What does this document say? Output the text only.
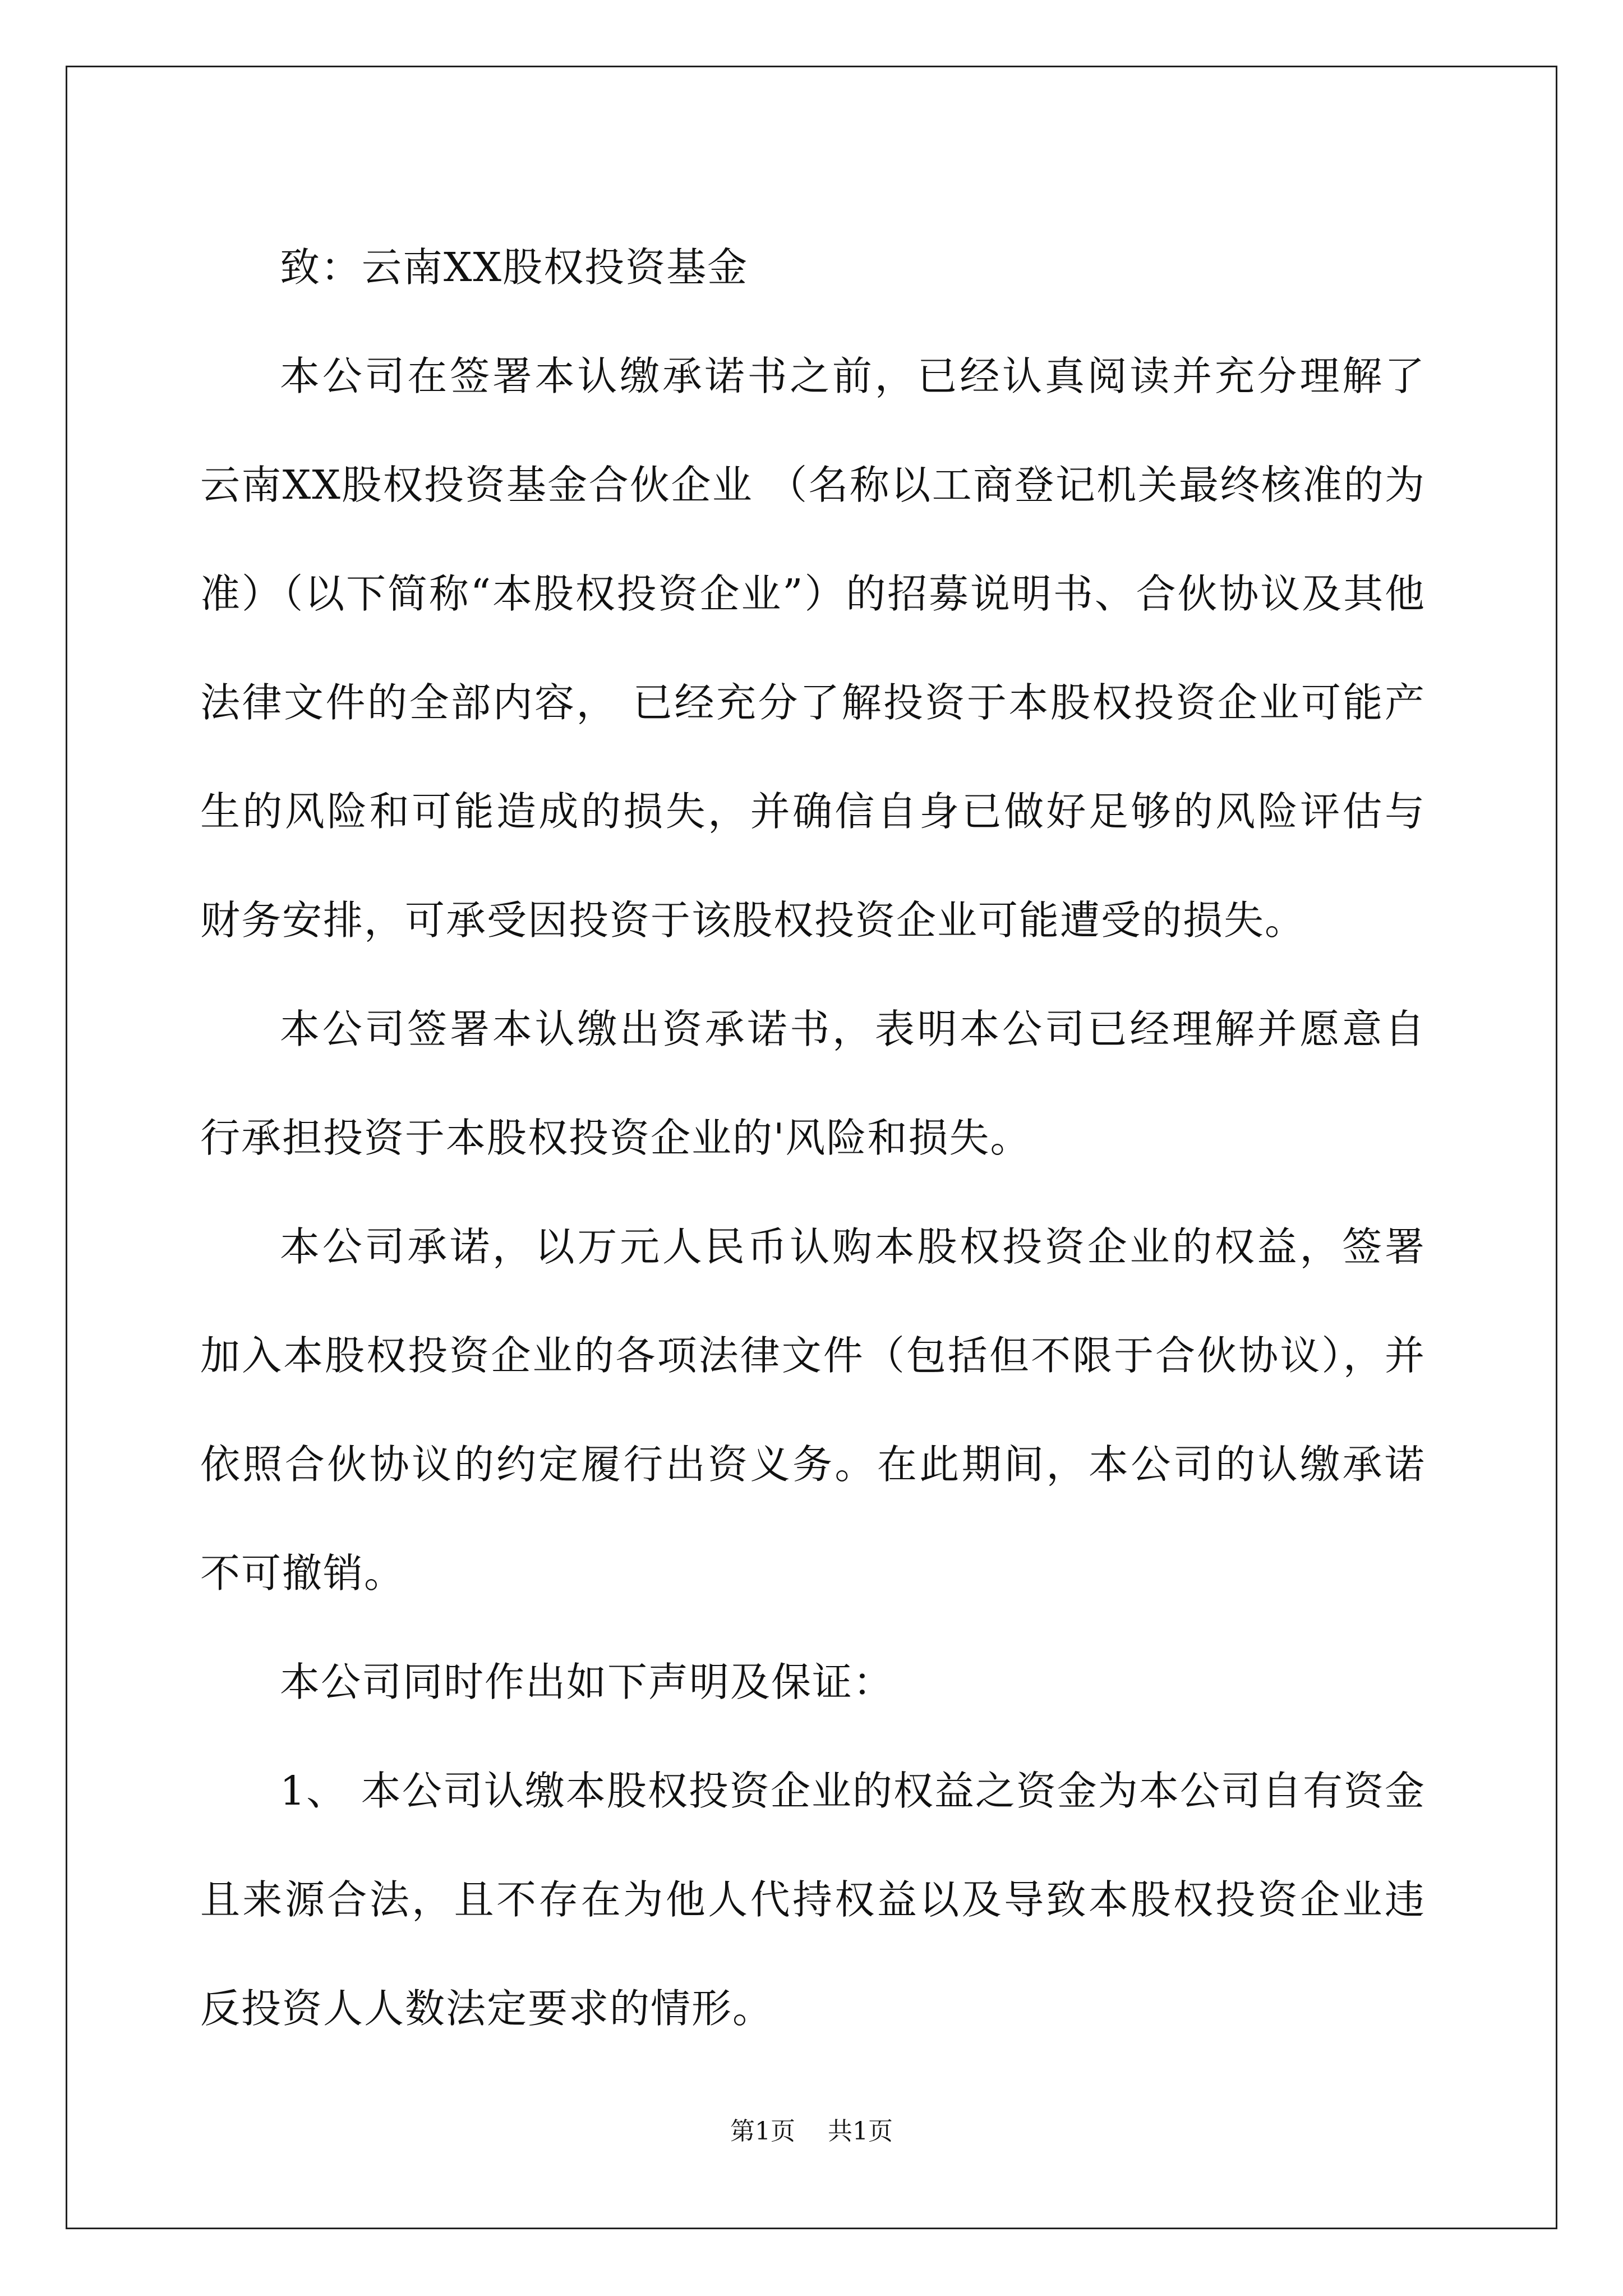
致：云南XX股权投资基金

本公司在签署本认缴承诺书之前，已经认真阅读并充分理解了云南XX股权投资基金合伙企业 （名称以工商登记机关最终核准的为准）（以下简称“本股权投资企业”）的招募说明书、合伙协议及其他法律文件的全部内容， 已经充分了解投资于本股权投资企业可能产生的风险和可能造成的损失，并确信自身已做好足够的风险评估与财务安排，可承受因投资于该股权投资企业可能遭受的损失。

本公司签署本认缴出资承诺书，表明本公司已经理解并愿意自行承担投资于本股权投资企业的'风险和损失。

本公司承诺，以万元人民币认购本股权投资企业的权益，签署加入本股权投资企业的各项法律文件（包括但不限于合伙协议），并依照合伙协议的约定履行出资义务。在此期间，本公司的认缴承诺不可撤销。

本公司同时作出如下声明及保证：

1、 本公司认缴本股权投资企业的权益之资金为本公司自有资金且来源合法，且不存在为他人代持权益以及导致本股权投资企业违反投资人人数法定要求的情形。

第1页 共1页
